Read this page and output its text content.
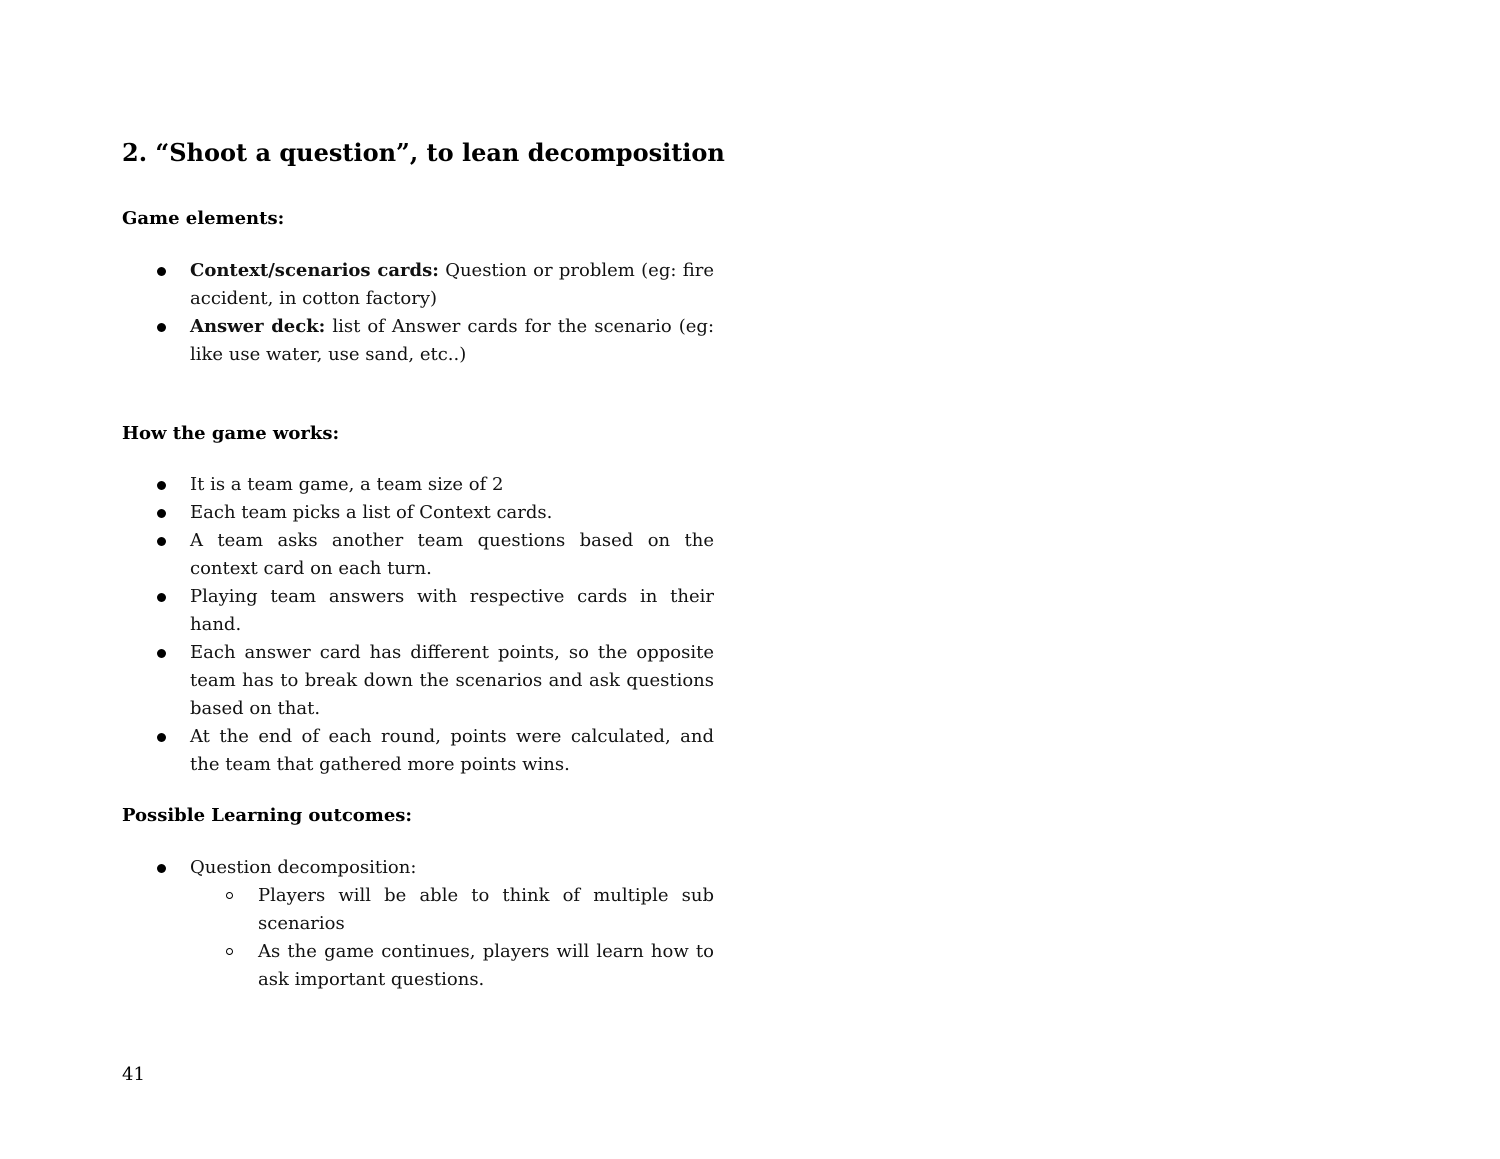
2. “Shoot a question”, to lean decomposition
Game elements:
Context/scenarios cards: Question or problem (eg: fire accident, in cotton factory)
Answer deck: list of Answer cards for the scenario (eg: like use water, use sand, etc..)
How the game works:
It is a team game, a team size of 2
Each team picks a list of Context cards.
A team asks another team questions based on the context card on each turn.
Playing team answers with respective cards in their hand.
Each answer card has different points, so the opposite team has to break down the scenarios and ask questions based on that.
At the end of each round, points were calculated, and the team that gathered more points wins.
Possible Learning outcomes:
Question decomposition:
Players will be able to think of multiple sub scenarios
As the game continues, players will learn how to ask important questions.
41
